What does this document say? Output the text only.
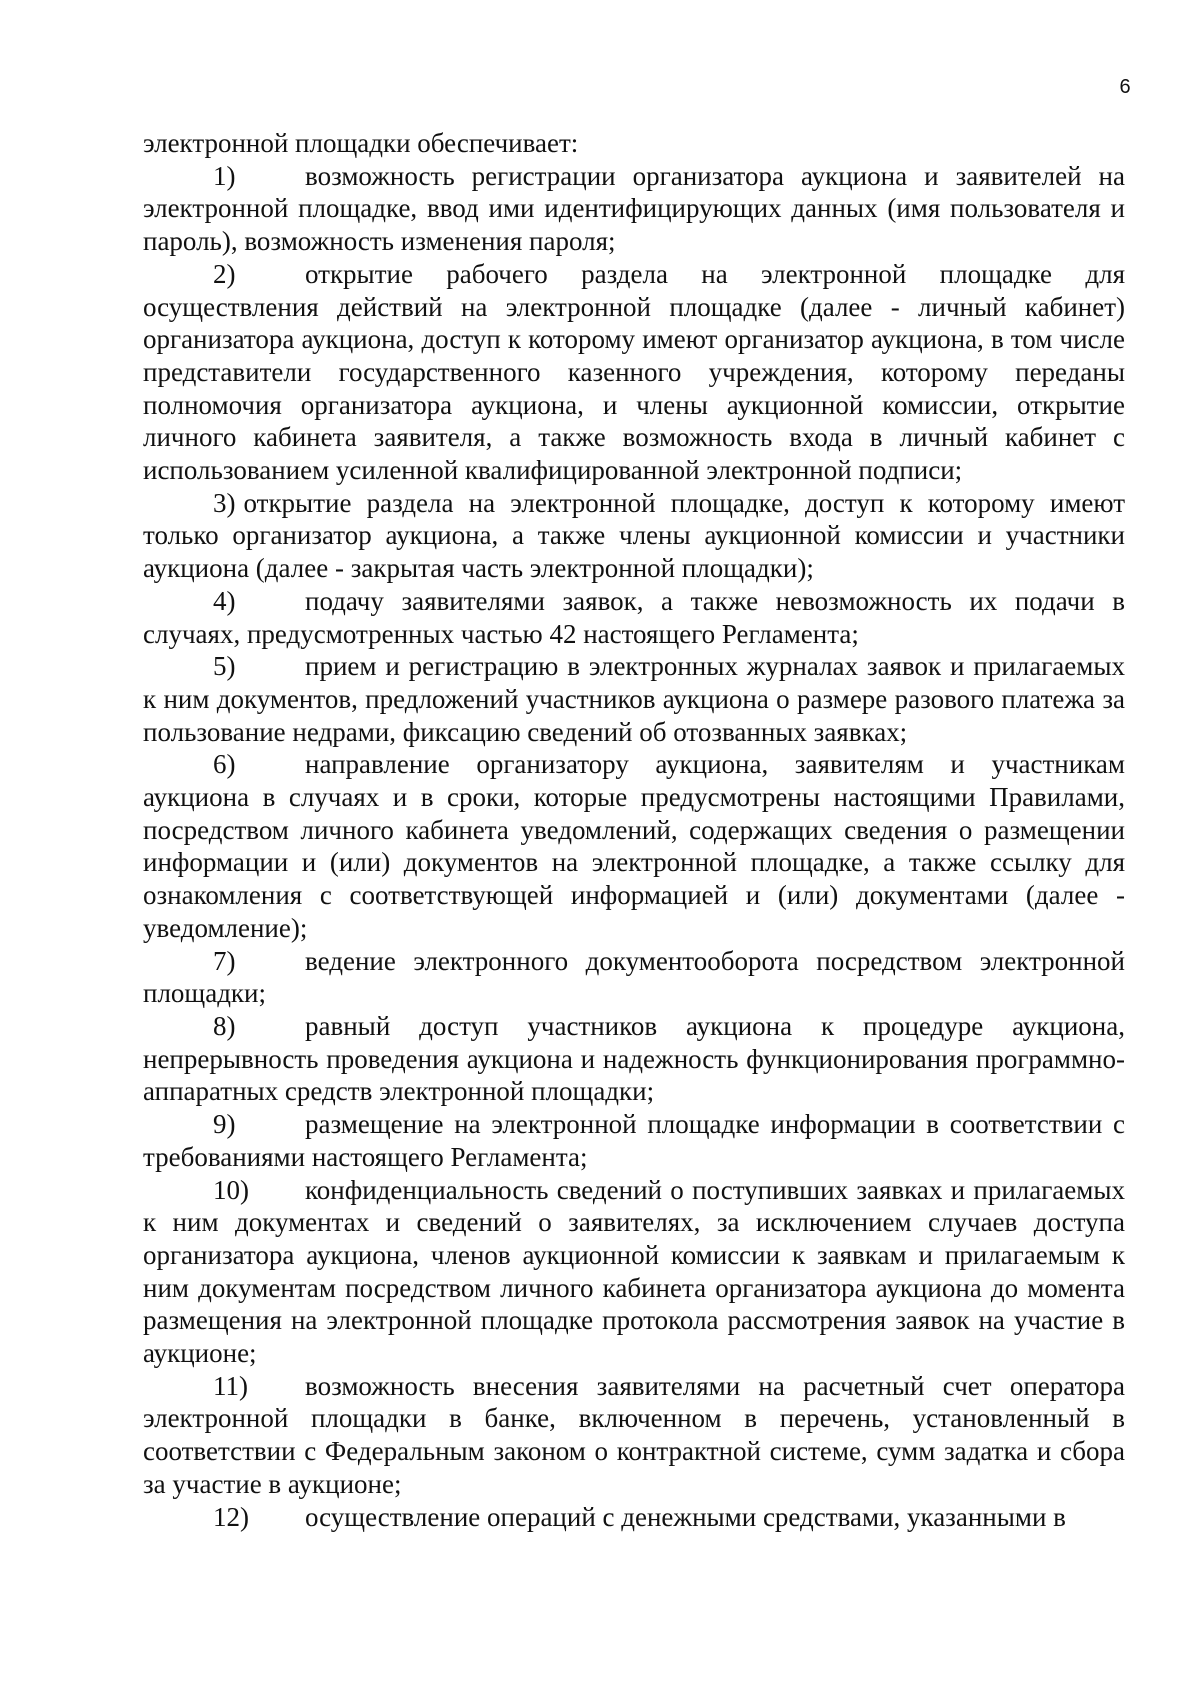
6

электронной площадки обеспечивает:

1)	возможность регистрации организатора аукциона и заявителей на электронной площадке, ввод ими идентифицирующих данных (имя пользователя и пароль), возможность изменения пароля;

2)	открытие рабочего раздела на электронной площадке для осуществления действий на электронной площадке (далее - личный кабинет) организатора аукциона, доступ к которому имеют организатор аукциона, в том числе представители государственного казенного учреждения, которому переданы полномочия организатора аукциона, и члены аукционной комиссии, открытие личного кабинета заявителя, а также возможность входа в личный кабинет с использованием усиленной квалифицированной электронной подписи;

3) открытие раздела на электронной площадке, доступ к которому имеют только организатор аукциона, а также члены аукционной комиссии и участники аукциона (далее - закрытая часть электронной площадки);

4)	подачу заявителями заявок, а также невозможность их подачи в случаях, предусмотренных частью 42 настоящего Регламента;

5)	прием и регистрацию в электронных журналах заявок и прилагаемых к ним документов, предложений участников аукциона о размере разового платежа за пользование недрами, фиксацию сведений об отозванных заявках;

6)	направление организатору аукциона, заявителям и участникам аукциона в случаях и в сроки, которые предусмотрены настоящими Правилами, посредством личного кабинета уведомлений, содержащих сведения о размещении информации и (или) документов на электронной площадке, а также ссылку для ознакомления с соответствующей информацией и (или) документами (далее - уведомление);

7)	ведение электронного документооборота посредством электронной площадки;

8)	равный доступ участников аукциона к процедуре аукциона, непрерывность проведения аукциона и надежность функционирования программно-аппаратных средств электронной площадки;

9)	размещение на электронной площадке информации в соответствии с требованиями настоящего Регламента;

10) конфиденциальность сведений о поступивших заявках и прилагаемых к ним документах и сведений о заявителях, за исключением случаев доступа организатора аукциона, членов аукционной комиссии к заявкам и прилагаемым к ним документам посредством личного кабинета организатора аукциона до момента размещения на электронной площадке протокола рассмотрения заявок на участие в аукционе;

11) возможность внесения заявителями на расчетный счет оператора электронной площадки в банке, включенном в перечень, установленный в соответствии с Федеральным законом о контрактной системе, сумм задатка и сбора за участие в аукционе;

12) осуществление операций с денежными средствами, указанными в
